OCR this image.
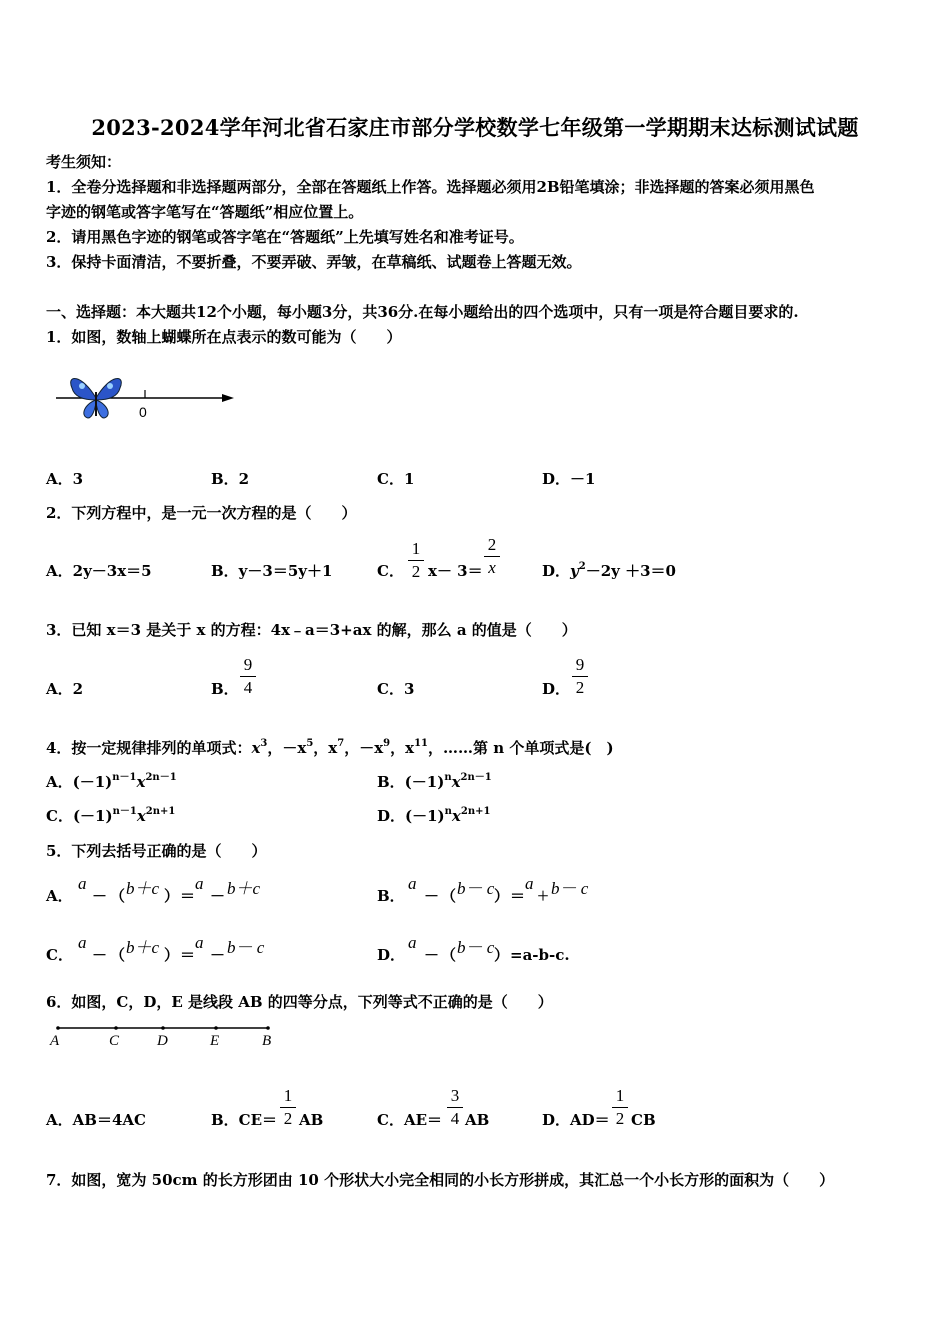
2023-2024学年河北省石家庄市部分学校数学七年级第一学期期末达标测试试题
考生须知：
1．全卷分选择题和非选择题两部分，全部在答题纸上作答。选择题必须用2B铅笔填涂；非选择题的答案必须用黑色
字迹的钢笔或答字笔写在“答题纸”相应位置上。
2．请用黑色字迹的钢笔或答字笔在“答题纸”上先填写姓名和准考证号。
3．保持卡面清洁，不要折叠，不要弄破、弄皱，在草稿纸、试题卷上答题无效。
一、选择题：本大题共12个小题，每小题3分，共36分.在每小题给出的四个选项中，只有一项是符合题目要求的.
1．如图，数轴上蝴蝶所在点表示的数可能为（　　）
0
A．3	B．2	C．1	D．－1
2．下列方程中，是一元一次方程的是（　　）
A．2y－3x＝5	B．y－3＝5y＋1	C．
1
2 x－ 3＝
2
x	D．$y^2-2y +3=0$
3．已知 x＝3 是关于 x 的方程：4x﹣a＝3+ax 的解，那么 a 的值是（　　）
A．2	B．
9
4	C．3	D．
9
2
4．按一定规律排列的单项式：$x^3$，$-x^5$，$x^7$，$-x^9$，$x^{11}$，……第 n 个单项式是(　)
A．$(-1)^{n-1}x^{2n-1}$	B．$(-1)^nx^{2n-1}$
C．$(-1)^{n-1}x^{2n+1}$	D．$(-1)^nx^{2n+1}$
5．下列去括号正确的是（　　）
A．
a
－ （ b＋c ） ＝
a
－ b＋c	B．
a
－ （ b－ c ） ＝
a
＋ b－ c
C．
a
－ （ b＋c ） ＝
a
－ b－ c	D．
a
－ （ b－ c ） =a-b-c.
6．如图，C，D，E 是线段 AB 的四等分点，下列等式不正确的是（　　）
A	C	D	E	B
A．AB＝4AC	B．CE＝
1
2 AB	C．AE＝
3
4 AB	D．AD＝
1
2 CB
7．如图，宽为 50cm 的长方形团由 10 个形状大小完全相同的小长方形拼成，其汇总一个小长方形的面积为（　　）
